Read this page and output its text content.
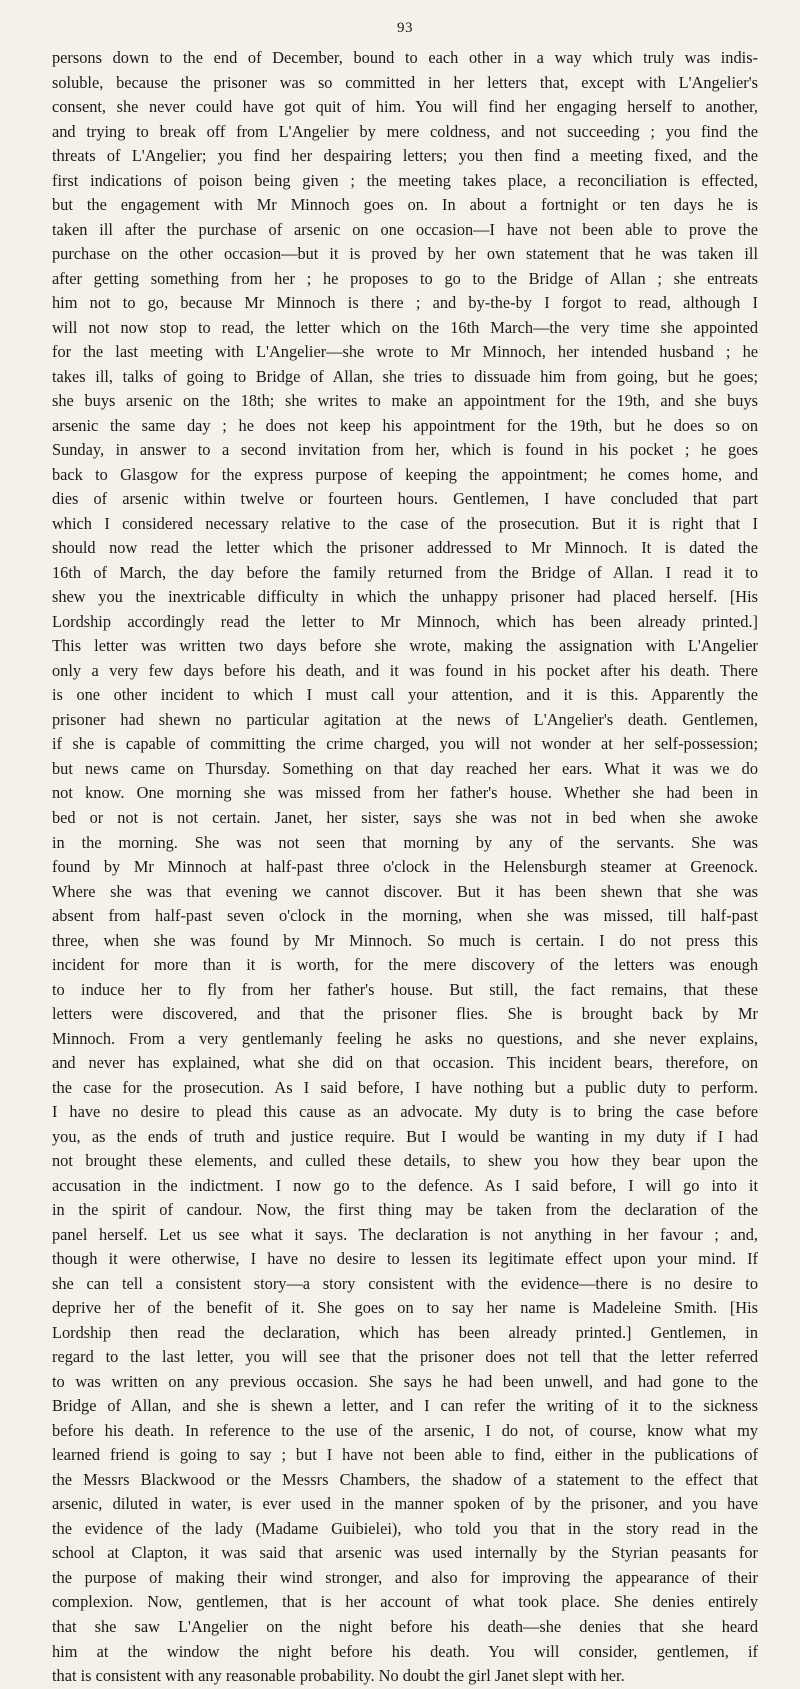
93

persons down to the end of December, bound to each other in a way which truly was indis-

soluble, because the prisoner was so committed in her letters that, except with L'Angelier's

consent, she never could have got quit of him. You will find her engaging herself to another,

and trying to break off from L'Angelier by mere coldness, and not succeeding ; you find the

threats of L'Angelier; you find her despairing letters; you then find a meeting fixed, and the

first indications of poison being given ; the meeting takes place, a reconciliation is effected,

but the engagement with Mr Minnoch goes on. In about a fortnight or ten days he is

taken ill after the purchase of arsenic on one occasion—I have not been able to prove the

purchase on the other occasion—but it is proved by her own statement that he was taken ill

after getting something from her ; he proposes to go to the Bridge of Allan ; she entreats

him not to go, because Mr Minnoch is there ; and by-the-by I forgot to read, although I

will not now stop to read, the letter which on the 16th March—the very time she appointed

for the last meeting with L'Angelier—she wrote to Mr Minnoch, her intended husband ; he

takes ill, talks of going to Bridge of Allan, she tries to dissuade him from going, but he goes;

she buys arsenic on the 18th; she writes to make an appointment for the 19th, and she buys

arsenic the same day ; he does not keep his appointment for the 19th, but he does so on

Sunday, in answer to a second invitation from her, which is found in his pocket ; he goes

back to Glasgow for the express purpose of keeping the appointment; he comes home, and

dies of arsenic within twelve or fourteen hours. Gentlemen, I have concluded that part

which I considered necessary relative to the case of the prosecution. But it is right that I

should now read the letter which the prisoner addressed to Mr Minnoch. It is dated the

16th of March, the day before the family returned from the Bridge of Allan. I read it to

shew you the inextricable difficulty in which the unhappy prisoner had placed herself. [His

Lordship accordingly read the letter to Mr Minnoch, which has been already printed.]

This letter was written two days before she wrote, making the assignation with L'Angelier

only a very few days before his death, and it was found in his pocket after his death. There

is one other incident to which I must call your attention, and it is this. Apparently the

prisoner had shewn no particular agitation at the news of L'Angelier's death. Gentlemen,

if she is capable of committing the crime charged, you will not wonder at her self-possession;

but news came on Thursday. Something on that day reached her ears. What it was we do

not know. One morning she was missed from her father's house. Whether she had been in

bed or not is not certain. Janet, her sister, says she was not in bed when she awoke

in the morning. She was not seen that morning by any of the servants. She was

found by Mr Minnoch at half-past three o'clock in the Helensburgh steamer at Greenock.

Where she was that evening we cannot discover. But it has been shewn that she was

absent from half-past seven o'clock in the morning, when she was missed, till half-past

three, when she was found by Mr Minnoch. So much is certain. I do not press this

incident for more than it is worth, for the mere discovery of the letters was enough

to induce her to fly from her father's house. But still, the fact remains, that these

letters were discovered, and that the prisoner flies. She is brought back by Mr

Minnoch. From a very gentlemanly feeling he asks no questions, and she never explains,

and never has explained, what she did on that occasion. This incident bears, therefore, on

the case for the prosecution. As I said before, I have nothing but a public duty to perform.

I have no desire to plead this cause as an advocate. My duty is to bring the case before

you, as the ends of truth and justice require. But I would be wanting in my duty if I had

not brought these elements, and culled these details, to shew you how they bear upon the

accusation in the indictment. I now go to the defence. As I said before, I will go into it

in the spirit of candour. Now, the first thing may be taken from the declaration of the

panel herself. Let us see what it says. The declaration is not anything in her favour ; and,

though it were otherwise, I have no desire to lessen its legitimate effect upon your mind. If

she can tell a consistent story—a story consistent with the evidence—there is no desire to

deprive her of the benefit of it. She goes on to say her name is Madeleine Smith. [His

Lordship then read the declaration, which has been already printed.] Gentlemen, in

regard to the last letter, you will see that the prisoner does not tell that the letter referred

to was written on any previous occasion. She says he had been unwell, and had gone to the

Bridge of Allan, and she is shewn a letter, and I can refer the writing of it to the sickness

before his death. In reference to the use of the arsenic, I do not, of course, know what my

learned friend is going to say ; but I have not been able to find, either in the publications of

the Messrs Blackwood or the Messrs Chambers, the shadow of a statement to the effect that

arsenic, diluted in water, is ever used in the manner spoken of by the prisoner, and you have

the evidence of the lady (Madame Guibielei), who told you that in the story read in the

school at Clapton, it was said that arsenic was used internally by the Styrian peasants for

the purpose of making their wind stronger, and also for improving the appearance of their

complexion. Now, gentlemen, that is her account of what took place. She denies entirely

that she saw L'Angelier on the night before his death—she denies that she heard

him at the window the night before his death. You will consider, gentlemen, if

that is consistent with any reasonable probability. No doubt the girl Janet slept with her.
